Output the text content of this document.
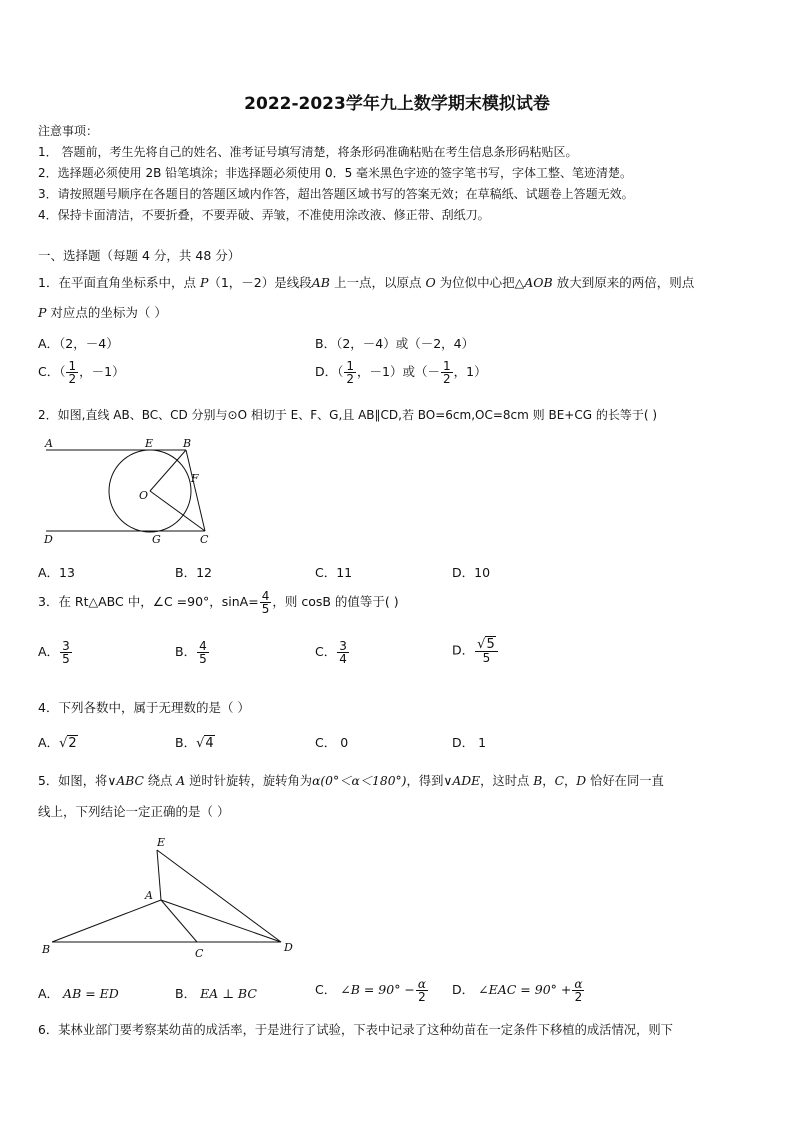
2022-2023学年九上数学期末模拟试卷
注意事项：
1． 答题前，考生先将自己的姓名、准考证号填写清楚，将条形码准确粘贴在考生信息条形码粘贴区。
2．选择题必须使用 2B 铅笔填涂；非选择题必须使用 0．5 毫米黑色字迹的签字笔书写，字体工整、笔迹清楚。
3．请按照题号顺序在各题目的答题区域内作答，超出答题区域书写的答案无效；在草稿纸、试题卷上答题无效。
4．保持卡面清洁，不要折叠，不要弄破、弄皱，不准使用涂改液、修正带、刮纸刀。
一、选择题（每题 4 分，共 48 分）
1．在平面直角坐标系中，点 P（1，－2）是线段AB 上一点，以原点 O 为位似中心把△AOB 放大到原来的两倍，则点
P 对应点的坐标为（ ）
A．（2，－4）	B．（2，－4）或（－2，4）
C．（ $\frac{1}{2}$ ，－1）	D．（ $\frac{1}{2}$ ，－1）或（－ $\frac{1}{2}$ ，1）
2．如图,直线 AB、BC、CD 分别与⊙O 相切于 E、F、G,且 AB∥CD,若 BO=6cm,OC=8cm 则 BE+CG 的长等于( )
A	E	B
F
O
D	G	C
A．13	B．12	C．11	D．10
3．在 Rt△ABC 中，∠C =90°，$\sin A= \frac{4}{5}$ ，则 cosB 的值等于( )
A． $\frac{3}{5}$	B． $\frac{4}{5}$	C． $\frac{3}{4}$	D． $\frac{√5}{5}$
4．下列各数中，属于无理数的是（ ）
A．√2	B．√4	C． 0	D． 1
5．如图，将∨ABC 绕点 A 逆时针旋转，旋转角为α(0°＜α＜180°)，得到∨ADE，这时点 B，C，D 恰好在同一直
线上，下列结论一定正确的是（ ）
E
A
B	C	D
A． AB = ED	B． EA ⊥ BC	C． ∠B = $90^\circ - \frac{\alpha}{2}$ D． ∠EAC = $90^\circ + \frac{\alpha}{2}$
6．某林业部门要考察某幼苗的成活率，于是进行了试验，下表中记录了这种幼苗在一定条件下移植的成活情况，则下
